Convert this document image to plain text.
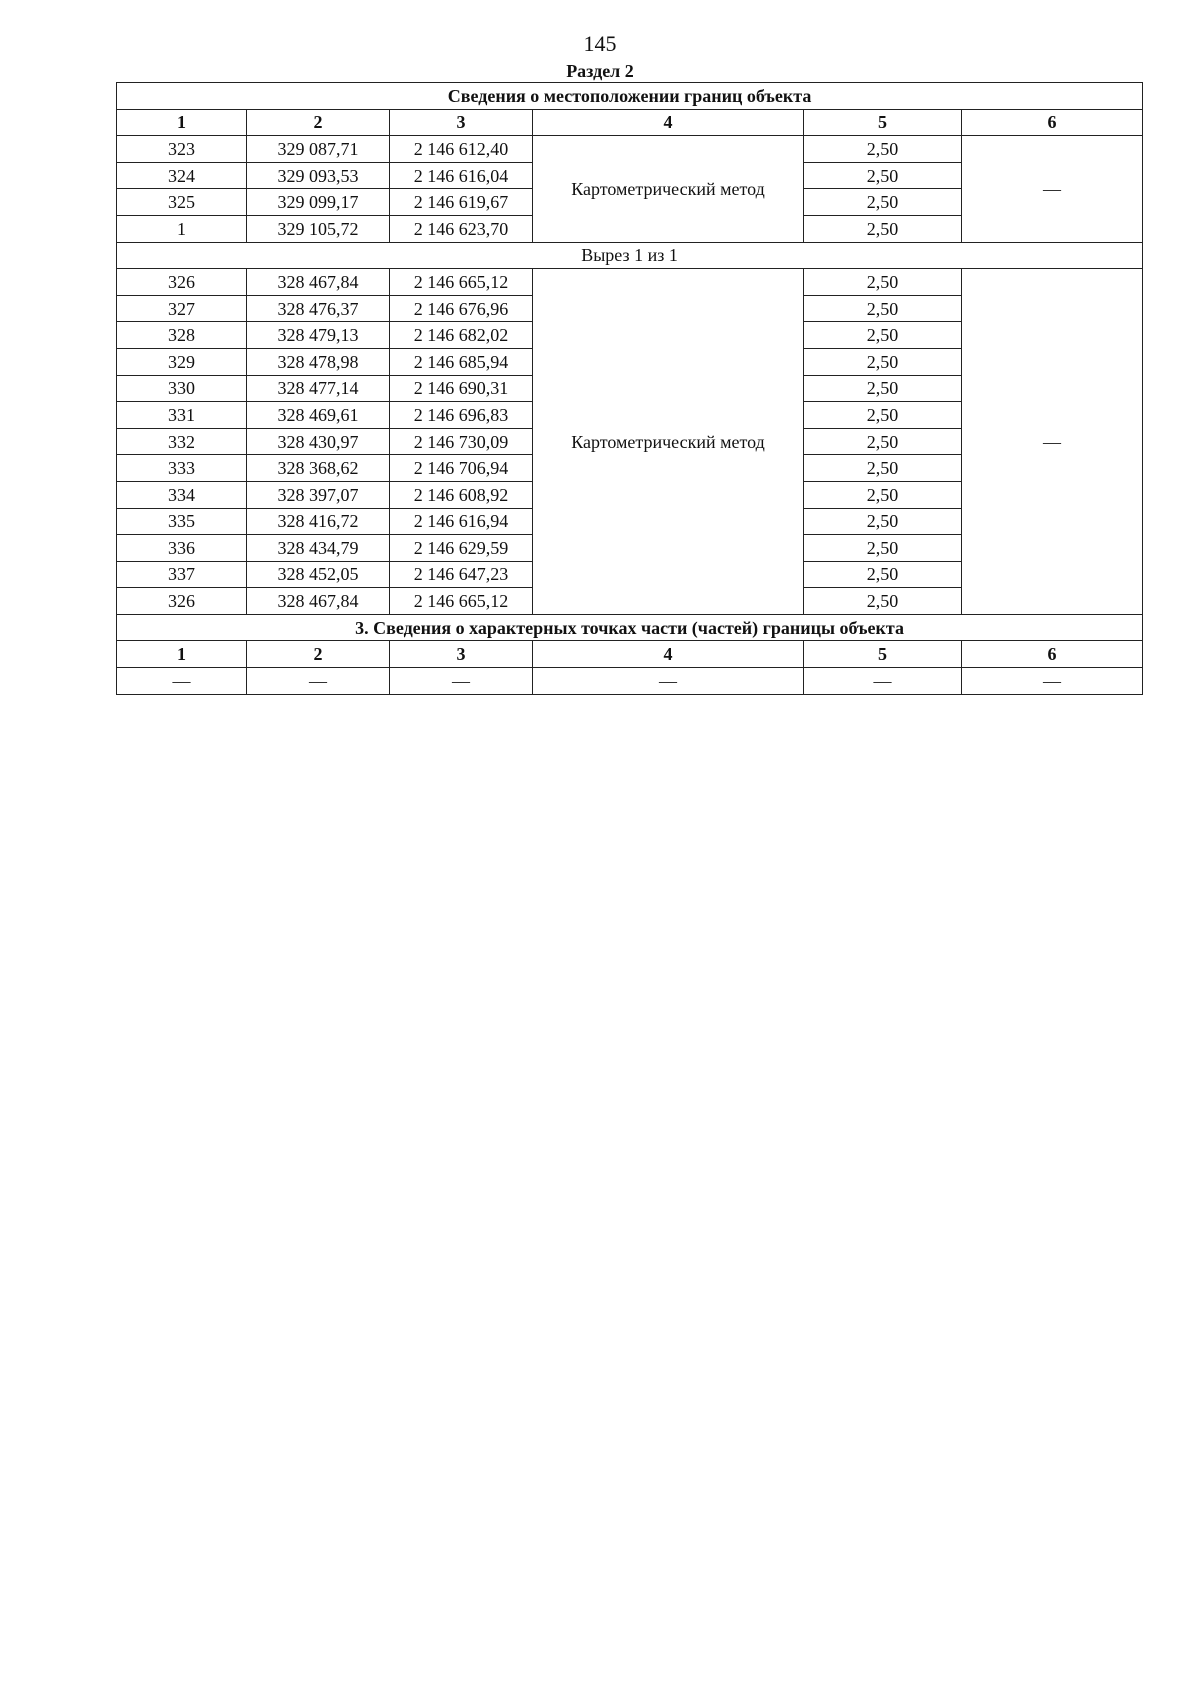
145
Раздел 2
Сведения о местоположении границ объекта					
1	2	3	4	5	6
323	329 087,71	2 146 612,40	Картометрический метод	2,50	—
324	329 093,53	2 146 616,04		2,50	
325	329 099,17	2 146 619,67		2,50	
1	329 105,72	2 146 623,70		2,50	
Вырез 1 из 1					
326	328 467,84	2 146 665,12	Картометрический метод	2,50	—
327	328 476,37	2 146 676,96		2,50	
328	328 479,13	2 146 682,02		2,50	
329	328 478,98	2 146 685,94		2,50	
330	328 477,14	2 146 690,31		2,50	
331	328 469,61	2 146 696,83		2,50	
332	328 430,97	2 146 730,09		2,50	
333	328 368,62	2 146 706,94		2,50	
334	328 397,07	2 146 608,92		2,50	
335	328 416,72	2 146 616,94		2,50	
336	328 434,79	2 146 629,59		2,50	
337	328 452,05	2 146 647,23		2,50	
326	328 467,84	2 146 665,12		2,50	
3. Сведения о характерных точках части (частей) границы объекта					
1	2	3	4	5	6
—	—	—	—	—	—
